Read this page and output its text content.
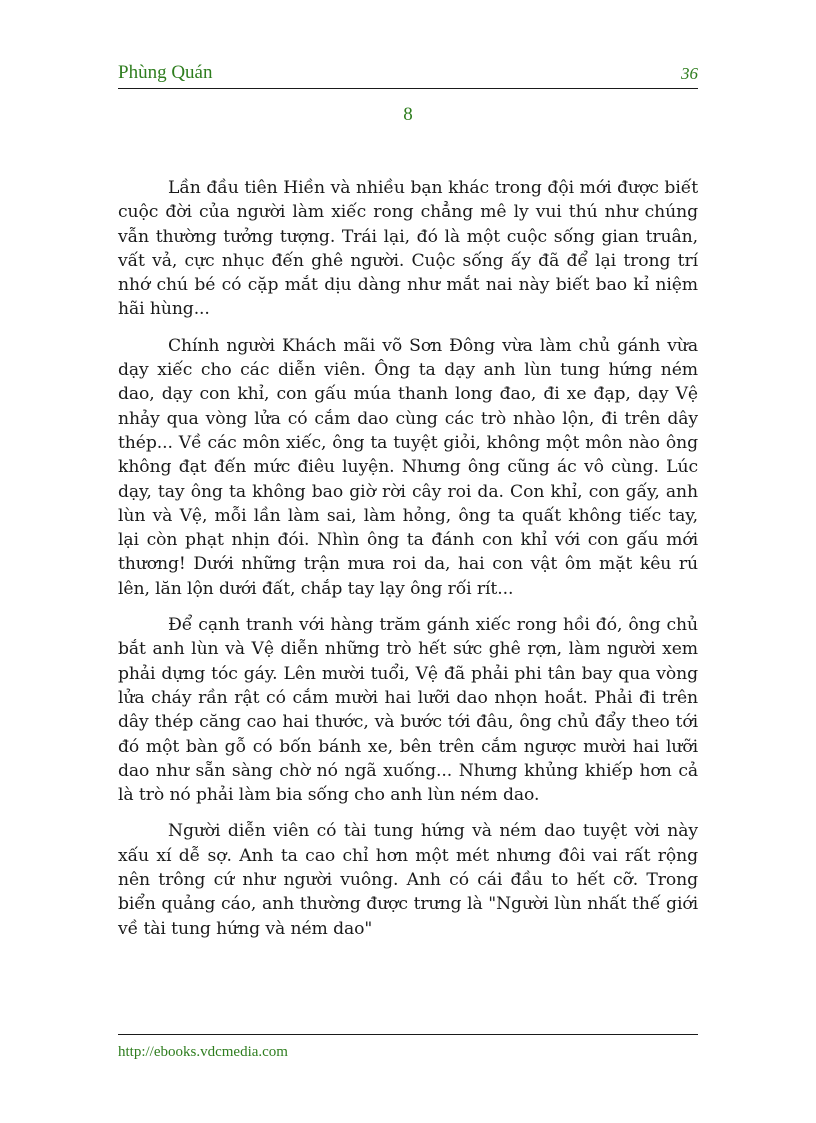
Phùng Quán	36
8

Lần đầu tiên Hiền và nhiều bạn khác trong đội mới được biết cuộc đời của người làm xiếc rong chẳng mê ly vui thú như chúng vẫn thường tưởng tượng. Trái lại, đó là một cuộc sống gian truân, vất vả, cực nhục đến ghê người. Cuộc sống ấy đã để lại trong trí nhớ chú bé có cặp mắt dịu dàng như mắt nai này biết bao kỉ niệm hãi hùng...

Chính người Khách mãi võ Sơn Đông vừa làm chủ gánh vừa dạy xiếc cho các diễn viên. Ông ta dạy anh lùn tung hứng ném dao, dạy con khỉ, con gấu múa thanh long đao, đi xe đạp, dạy Vệ nhảy qua vòng lửa có cắm dao cùng các trò nhào lộn, đi trên dây thép... Về các môn xiếc, ông ta tuyệt giỏi, không một môn nào ông không đạt đến mức điêu luyện. Nhưng ông cũng ác vô cùng. Lúc dạy, tay ông ta không bao giờ rời cây roi da. Con khỉ, con gấy, anh lùn và Vệ, mỗi lần làm sai, làm hỏng, ông ta quất không tiếc tay, lại còn phạt nhịn đói. Nhìn ông ta đánh con khỉ với con gấu mới thương! Dưới những trận mưa roi da, hai con vật ôm mặt kêu rú lên, lăn lộn dưới đất, chắp tay lạy ông rối rít...

Để cạnh tranh với hàng trăm gánh xiếc rong hồi đó, ông chủ bắt anh lùn và Vệ diễn những trò hết sức ghê rợn, làm người xem phải dựng tóc gáy. Lên mười tuổi, Vệ đã phải phi tân bay qua vòng lửa cháy rần rật có cắm mười hai lưỡi dao nhọn hoắt. Phải đi trên dây thép căng cao hai thước, và bước tới đâu, ông chủ đẩy theo tới đó một bàn gỗ có bốn bánh xe, bên trên cắm ngược mười hai lưỡi dao như sẵn sàng chờ nó ngã xuống... Nhưng khủng khiếp hơn cả là trò nó phải làm bia sống cho anh lùn ném dao.

Người diễn viên có tài tung hứng và ném dao tuyệt vời này xấu xí dễ sợ. Anh ta cao chỉ hơn một mét nhưng đôi vai rất rộng nên trông cứ như người vuông. Anh có cái đầu to hết cỡ. Trong biển quảng cáo, anh thường được trưng là "Người lùn nhất thế giới về tài tung hứng và ném dao"

http://ebooks.vdcmedia.com
